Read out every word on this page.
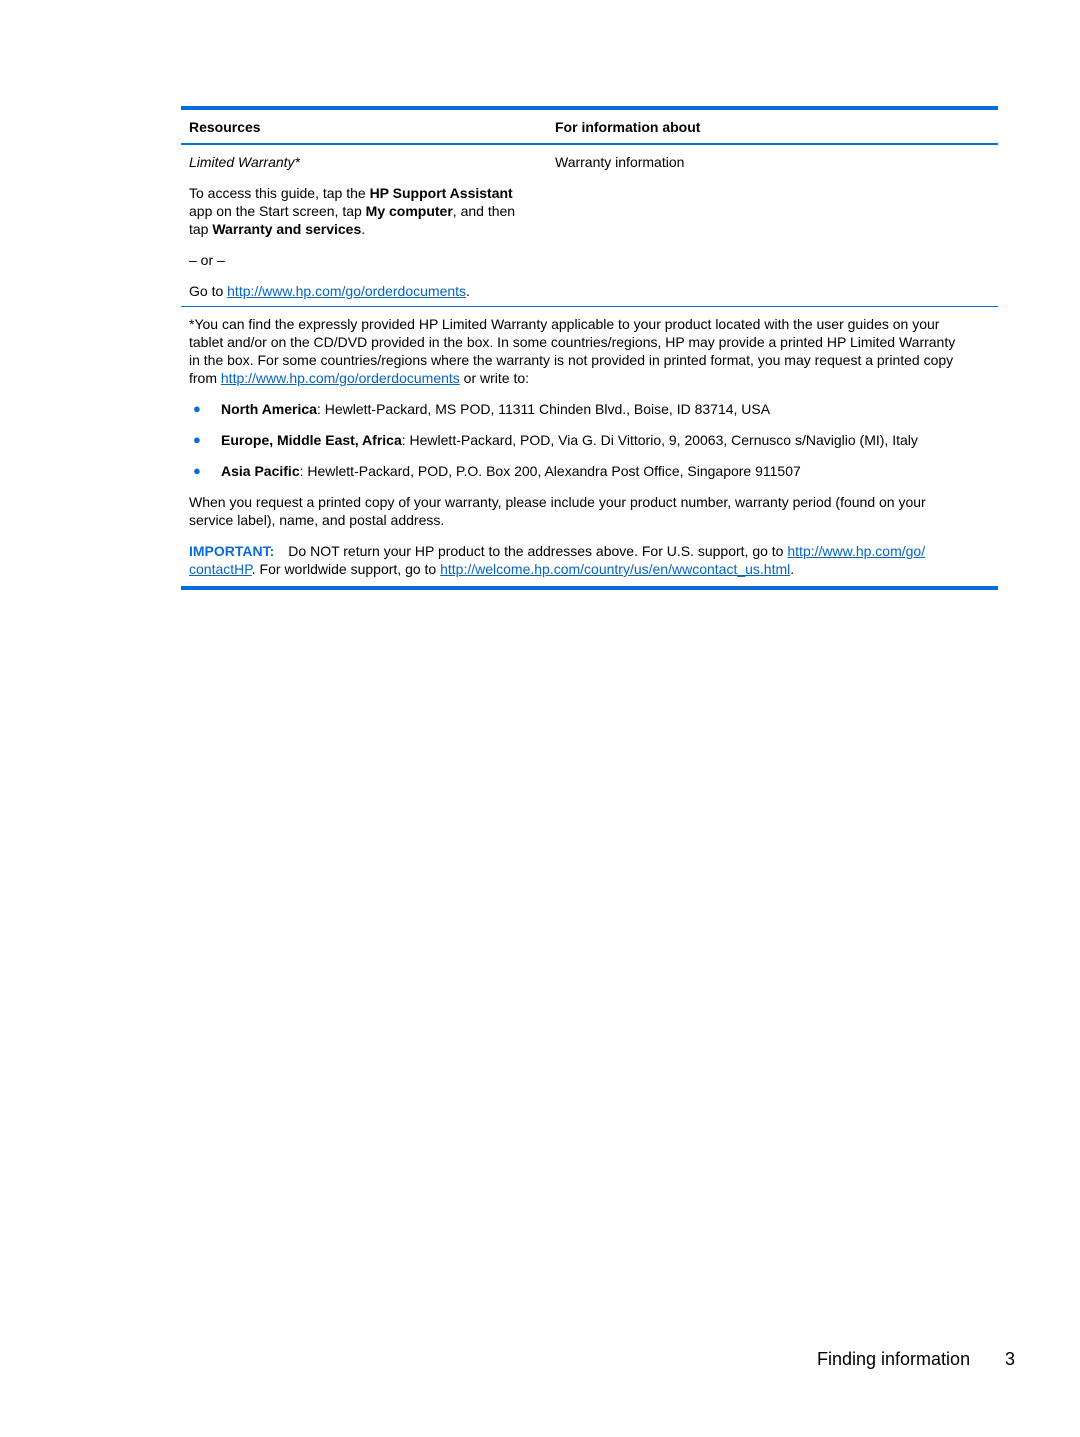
Resources	For information about
Limited Warranty*	Warranty information
To access this guide, tap the HP Support Assistant
app on the Start screen, tap My computer, and then
tap Warranty and services.
– or –
Go to http://www.hp.com/go/orderdocuments.
*You can find the expressly provided HP Limited Warranty applicable to your product located with the user guides on your
tablet and/or on the CD/DVD provided in the box. In some countries/regions, HP may provide a printed HP Limited Warranty
in the box. For some countries/regions where the warranty is not provided in printed format, you may request a printed copy
from http://www.hp.com/go/orderdocuments or write to:
● North America: Hewlett-Packard, MS POD, 11311 Chinden Blvd., Boise, ID 83714, USA
● Europe, Middle East, Africa: Hewlett-Packard, POD, Via G. Di Vittorio, 9, 20063, Cernusco s/Naviglio (MI), Italy
● Asia Pacific: Hewlett-Packard, POD, P.O. Box 200, Alexandra Post Office, Singapore 911507
When you request a printed copy of your warranty, please include your product number, warranty period (found on your
service label), name, and postal address.
IMPORTANT: Do NOT return your HP product to the addresses above. For U.S. support, go to http://www.hp.com/go/
contactHP. For worldwide support, go to http://welcome.hp.com/country/us/en/wwcontact_us.html.
Finding information 3
